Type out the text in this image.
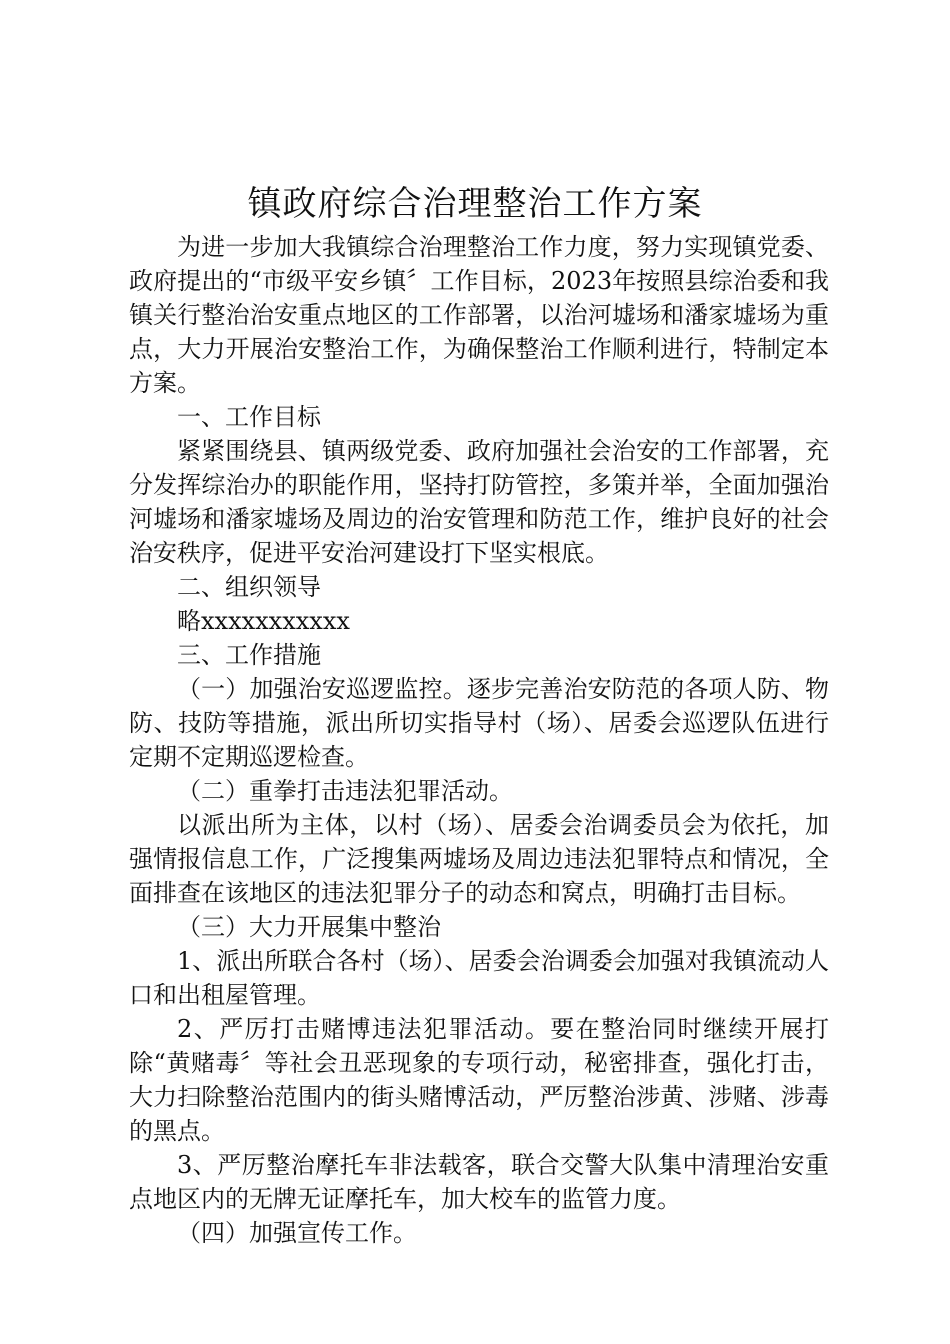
镇政府综合治理整治工作方案

为进一步加大我镇综合治理整治工作力度，努力实现镇党委、政府提出的“市级平安乡镇〞工作目标，2023年按照县综治委和我镇关行整治治安重点地区的工作部署，以治河墟场和潘家墟场为重点，大力开展治安整治工作，为确保整治工作顺利进行，特制定本方案。

一、工作目标

紧紧围绕县、镇两级党委、政府加强社会治安的工作部署，充分发挥综治办的职能作用，坚持打防管控，多策并举，全面加强治河墟场和潘家墟场及周边的治安管理和防范工作，维护良好的社会治安秩序，促进平安治河建设打下坚实根底。

二、组织领导

略xxxxxxxxxxx

三、工作措施

（一）加强治安巡逻监控。逐步完善治安防范的各项人防、物防、技防等措施，派出所切实指导村（场）、居委会巡逻队伍进行定期不定期巡逻检查。

（二）重拳打击违法犯罪活动。

以派出所为主体，以村（场）、居委会治调委员会为依托，加强情报信息工作，广泛搜集两墟场及周边违法犯罪特点和情况，全面排查在该地区的违法犯罪分子的动态和窝点，明确打击目标。

（三）大力开展集中整治

1、派出所联合各村（场）、居委会治调委会加强对我镇流动人口和出租屋管理。

2、严厉打击赌博违法犯罪活动。要在整治同时继续开展打除“黄赌毒〞等社会丑恶现象的专项行动，秘密排查，强化打击，大力扫除整治范围内的街头赌博活动，严厉整治涉黄、涉赌、涉毒的黑点。

3、严厉整治摩托车非法载客，联合交警大队集中清理治安重点地区内的无牌无证摩托车，加大校车的监管力度。

（四）加强宣传工作。
